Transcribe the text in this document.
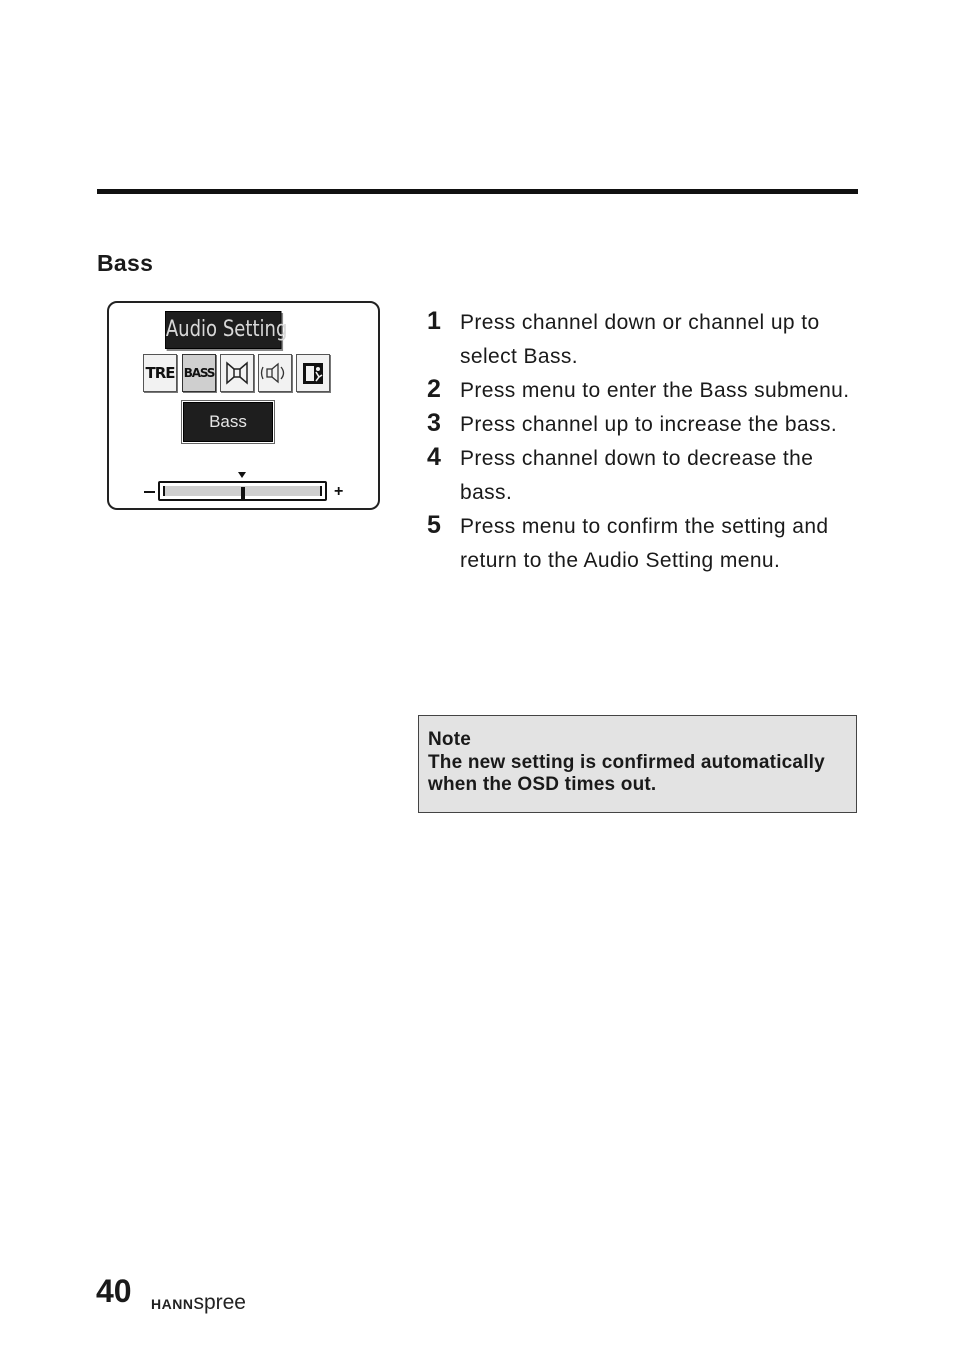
Bass
Audio Setting
TRE BASS
Bass
+
1 Press channel down or channel up to select Bass.
2 Press menu to enter the Bass submenu.
3 Press channel up to increase the bass.
4 Press channel down to decrease the bass.
5 Press menu to confirm the setting and return to the Audio Setting menu.
Note
The new setting is confirmed automatically when the OSD times out.
40 HANNspree
